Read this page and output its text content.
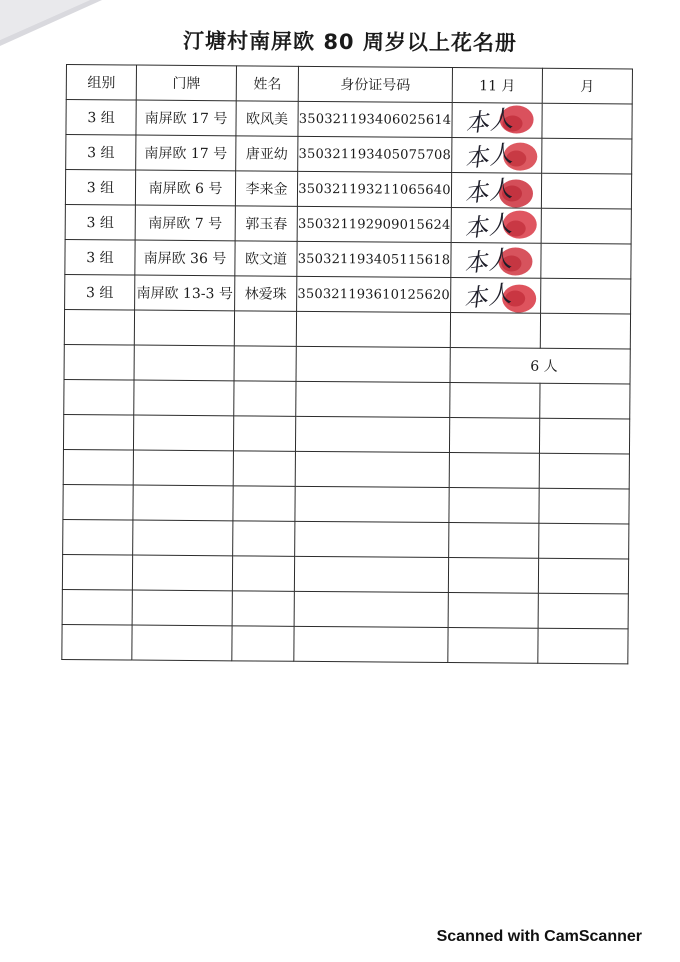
汀塘村南屏欧 80 周岁以上花名册
组别	门牌	姓名	身份证号码	11 月	月
3 组	南屏欧 17 号	欧风美	350321193406025614	本人	

3 组	南屏欧 17 号	唐亚幼	350321193405075708	本人	

3 组	南屏欧 6 号	李来金	350321193211065640	本人	

3 组	南屏欧 7 号	郭玉春	350321192909015624	本人	

3 组	南屏欧 36 号	欧文道	350321193405115618	本人	

3 组	南屏欧 13-3 号	林爱珠	350321193610125620	本人	

				6 人	

Scanned with CamScanner
